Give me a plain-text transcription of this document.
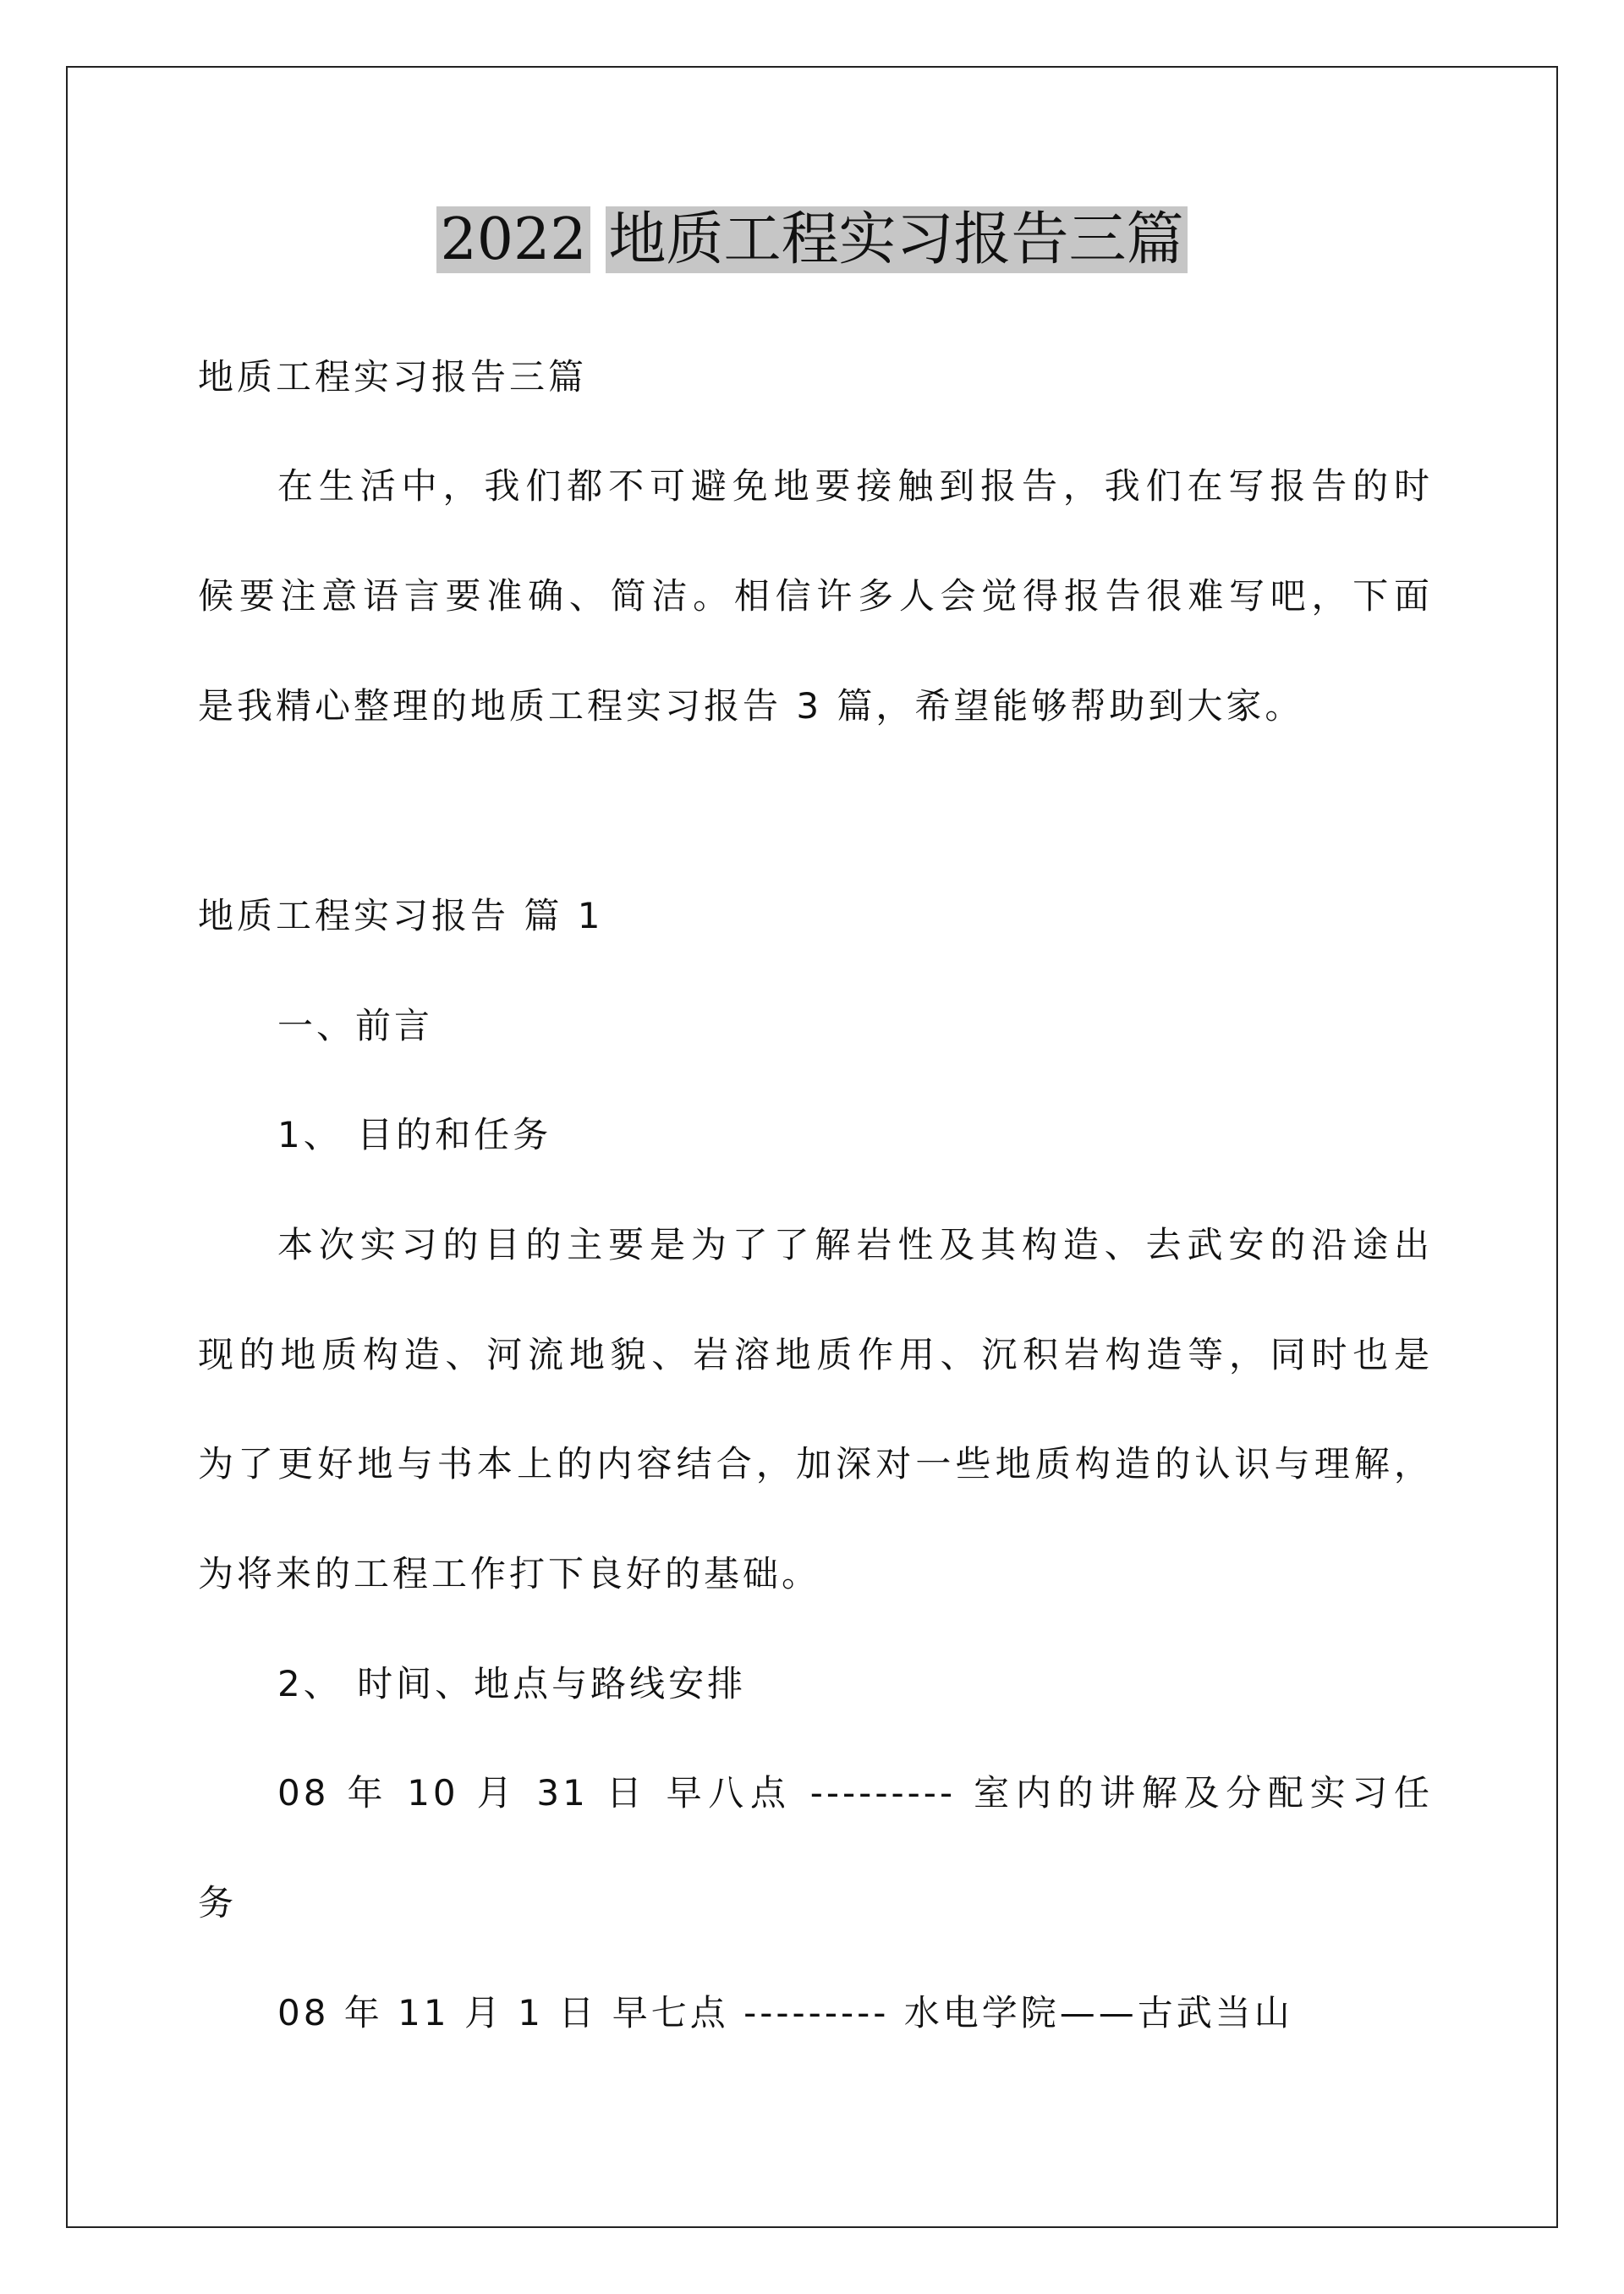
2022 地质工程实习报告三篇
地质工程实习报告三篇
在生活中，我们都不可避免地要接触到报告，我们在写报告的时
候要注意语言要准确、简洁。相信许多人会觉得报告很难写吧，下面
是我精心整理的地质工程实习报告 3 篇，希望能够帮助到大家。
地质工程实习报告 篇 1
一、前言
1、 目的和任务
本次实习的目的主要是为了了解岩性及其构造、去武安的沿途出
现的地质构造、河流地貌、岩溶地质作用、沉积岩构造等，同时也是
为了更好地与书本上的内容结合，加深对一些地质构造的认识与理解，
为将来的工程工作打下良好的基础。
2、 时间、地点与路线安排
08 年 10 月 31 日 早八点 --------- 室内的讲解及分配实习任
务
08 年 11 月 1 日 早七点 --------- 水电学院——古武当山
